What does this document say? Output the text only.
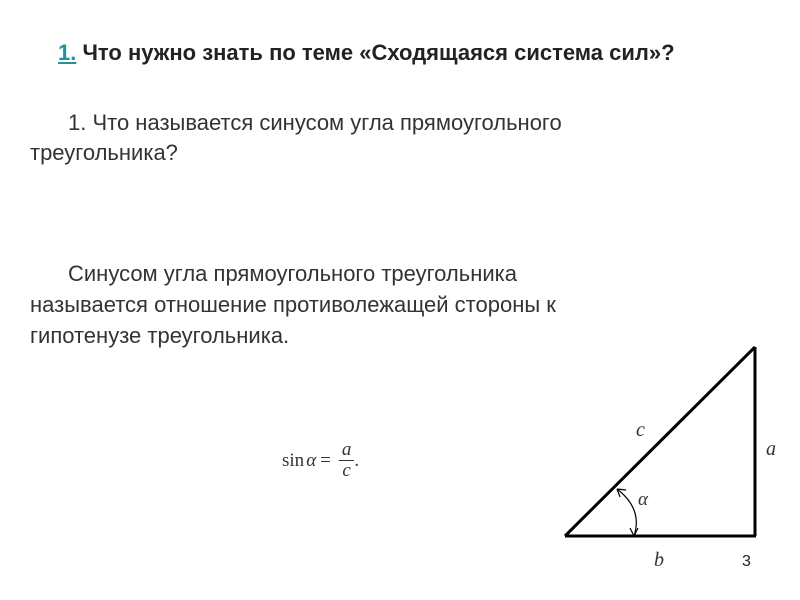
1. Что нужно знать по теме «Сходящаяся система сил»?
1. Что называется синусом угла прямоугольного треугольника?
Синусом угла прямоугольного треугольника называется отношение противолежащей стороны к гипотенузе треугольника.
$\sin \alpha = \frac{a}{c}$ .
c
a
b
α
3
